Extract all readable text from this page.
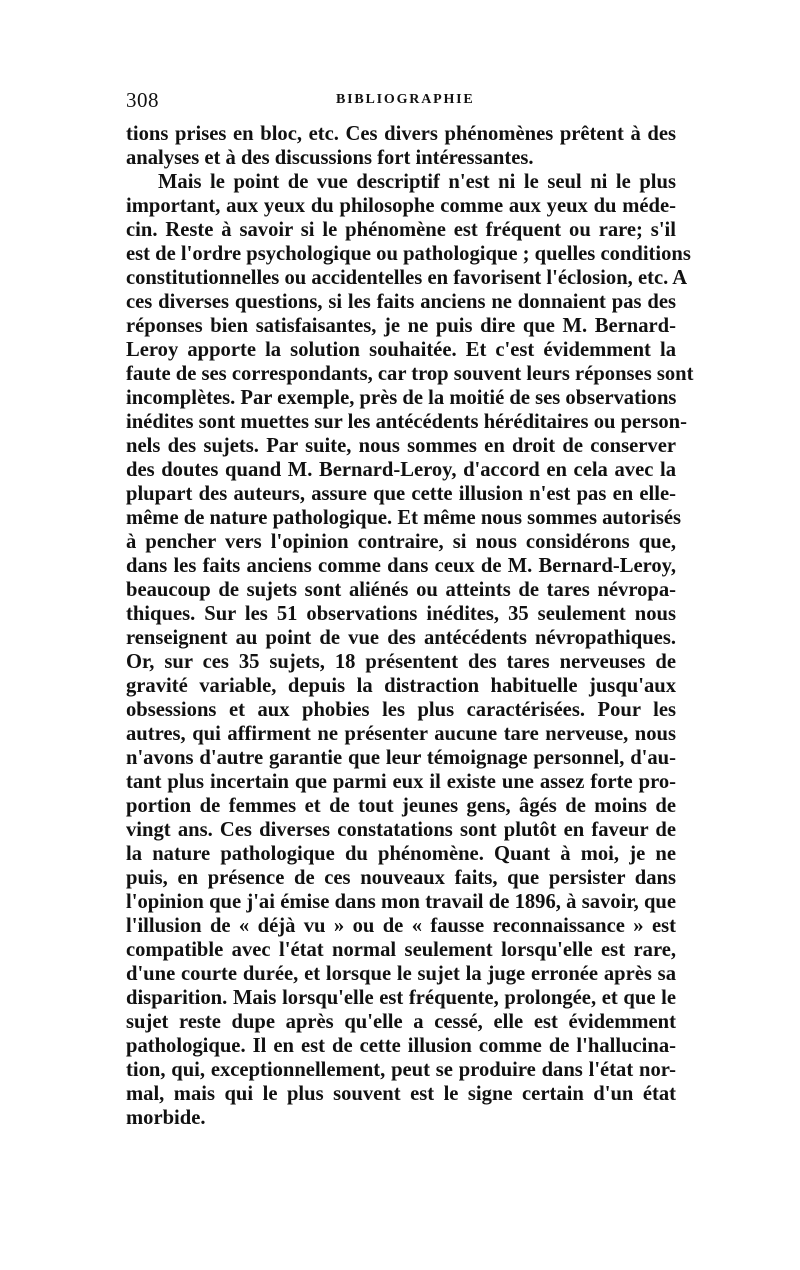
308	BIBLIOGRAPHIE
tions prises en bloc, etc. Ces divers phénomènes prêtent à des
analyses et à des discussions fort intéressantes.
Mais le point de vue descriptif n'est ni le seul ni le plus
important, aux yeux du philosophe comme aux yeux du méde-
cin. Reste à savoir si le phénomène est fréquent ou rare; s'il
est de l'ordre psychologique ou pathologique ; quelles conditions
constitutionnelles ou accidentelles en favorisent l'éclosion, etc. A
ces diverses questions, si les faits anciens ne donnaient pas des
réponses bien satisfaisantes, je ne puis dire que M. Bernard-
Leroy apporte la solution souhaitée. Et c'est évidemment la
faute de ses correspondants, car trop souvent leurs réponses sont
incomplètes. Par exemple, près de la moitié de ses observations
inédites sont muettes sur les antécédents héréditaires ou person-
nels des sujets. Par suite, nous sommes en droit de conserver
des doutes quand M. Bernard-Leroy, d'accord en cela avec la
plupart des auteurs, assure que cette illusion n'est pas en elle-
même de nature pathologique. Et même nous sommes autorisés
à pencher vers l'opinion contraire, si nous considérons que,
dans les faits anciens comme dans ceux de M. Bernard-Leroy,
beaucoup de sujets sont aliénés ou atteints de tares névropa-
thiques. Sur les 51 observations inédites, 35 seulement nous
renseignent au point de vue des antécédents névropathiques.
Or, sur ces 35 sujets, 18 présentent des tares nerveuses de
gravité variable, depuis la distraction habituelle jusqu'aux
obsessions et aux phobies les plus caractérisées. Pour les
autres, qui affirment ne présenter aucune tare nerveuse, nous
n'avons d'autre garantie que leur témoignage personnel, d'au-
tant plus incertain que parmi eux il existe une assez forte pro-
portion de femmes et de tout jeunes gens, âgés de moins de
vingt ans. Ces diverses constatations sont plutôt en faveur de
la nature pathologique du phénomène. Quant à moi, je ne
puis, en présence de ces nouveaux faits, que persister dans
l'opinion que j'ai émise dans mon travail de 1896, à savoir, que
l'illusion de « déjà vu » ou de « fausse reconnaissance » est
compatible avec l'état normal seulement lorsqu'elle est rare,
d'une courte durée, et lorsque le sujet la juge erronée après sa
disparition. Mais lorsqu'elle est fréquente, prolongée, et que le
sujet reste dupe après qu'elle a cessé, elle est évidemment
pathologique. Il en est de cette illusion comme de l'hallucina-
tion, qui, exceptionnellement, peut se produire dans l'état nor-
mal, mais qui le plus souvent est le signe certain d'un état
morbide.
